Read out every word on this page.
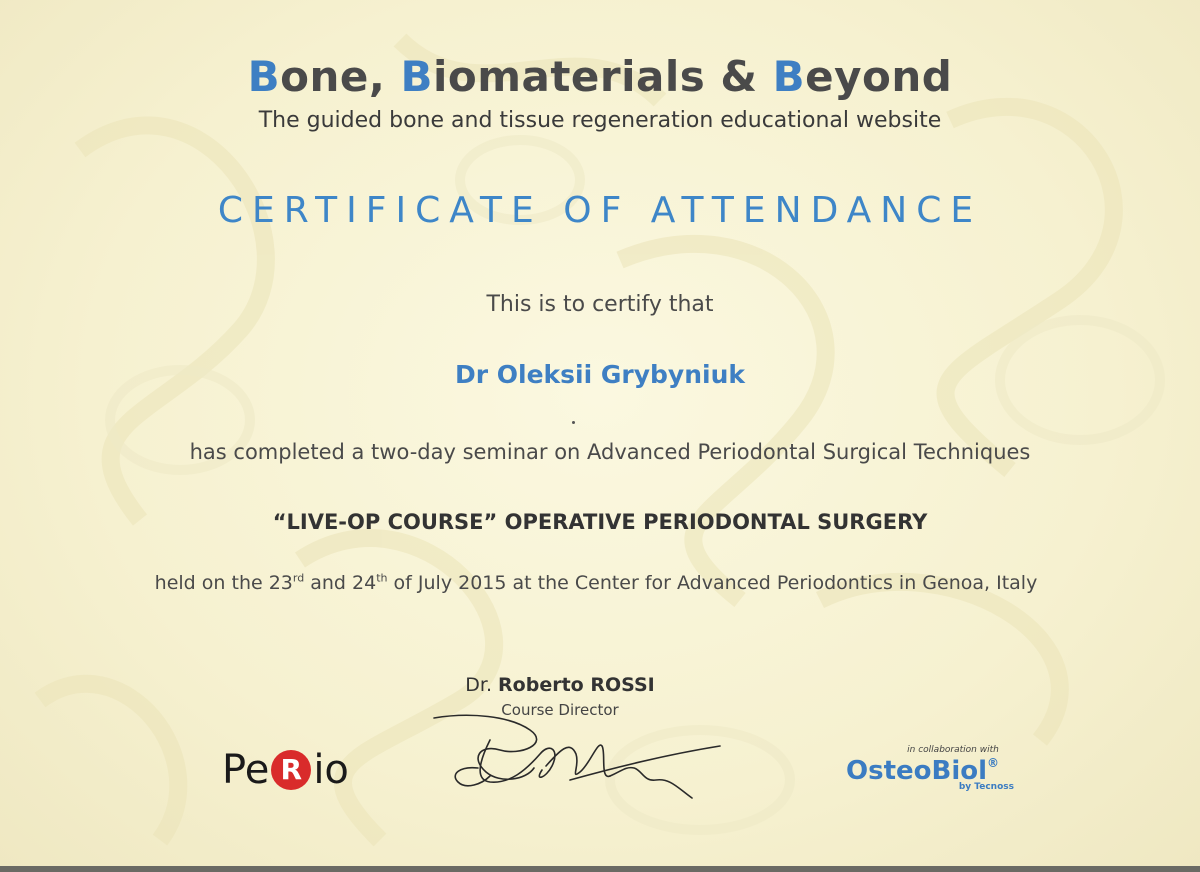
Bone, Biomaterials & Beyond
The guided bone and tissue regeneration educational website
CERTIFICATE OF ATTENDANCE
This is to certify that
Dr Oleksii Grybyniuk
has completed a two-day seminar on Advanced Periodontal Surgical Techniques
“LIVE-OP COURSE” OPERATIVE PERIODONTAL SURGERY
held on the 23rd and 24th of July 2015 at the Center for Advanced Periodontics in Genoa, Italy
Dr. Roberto ROSSI
Course Director
Pe R io	in collaboration with
OsteoBiol®
by Tecnoss
